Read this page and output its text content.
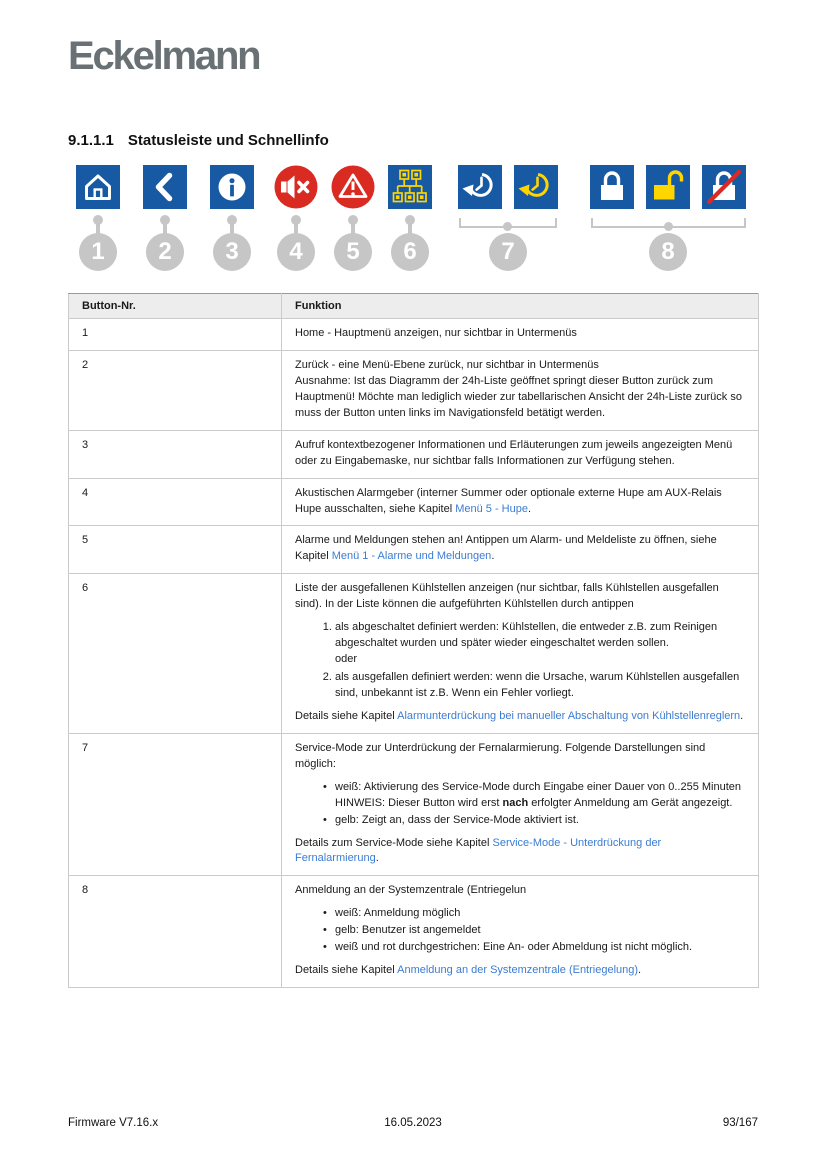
Eckelmann
9.1.1.1 Statusleiste und Schnellinfo
1	2	3	4	5	6	7	8
Button-Nr.	Funktion
1	Home - Hauptmenü anzeigen, nur sichtbar in Untermenüs

2	Zurück - eine Menü-Ebene zurück, nur sichtbar in Untermenüs
Ausnahme: Ist das Diagramm der 24h-Liste geöffnet springt dieser Button zurück zum Hauptmenü! Möchte man lediglich wieder zur tabellarischen Ansicht der 24h-Liste zurück so muss der Button unten links im Navigationsfeld betätigt werden.

3	Aufruf kontextbezogener Informationen und Erläuterungen zum jeweils angezeigten Menü oder zu Eingabemaske, nur sichtbar falls Informationen zur Verfügung stehen.

4	Akustischen Alarmgeber (interner Summer oder optionale externe Hupe am AUX-Relais Hupe ausschalten, siehe Kapitel Menü 5 - Hupe.

5	Alarme und Meldungen stehen an! Antippen um Alarm- und Meldeliste zu öffnen, siehe Kapitel Menü 1 - Alarme und Meldungen.

6	Liste der ausgefallenen Kühlstellen anzeigen (nur sichtbar, falls Kühlstellen ausgefallen sind). In der Liste können die aufgeführten Kühlstellen durch antippen

1. als abgeschaltet definiert werden: Kühlstellen, die entweder z.B. zum Reinigen abgeschaltet wurden und später wieder eingeschaltet werden sollen.
oder
2. als ausgefallen definiert werden: wenn die Ursache, warum Kühlstellen ausgefallen sind, unbekannt ist z.B. Wenn ein Fehler vorliegt.

Details siehe Kapitel Alarmunterdrückung bei manueller Abschaltung von Kühlstellenreglern.

7	Service-Mode zur Unterdrückung der Fernalarmierung. Folgende Darstellungen sind möglich:

• weiß: Aktivierung des Service-Mode durch Eingabe einer Dauer von 0..255 Minuten
HINWEIS: Dieser Button wird erst nach erfolgter Anmeldung am Gerät angezeigt.
• gelb: Zeigt an, dass der Service-Mode aktiviert ist.

Details zum Service-Mode siehe Kapitel Service-Mode - Unterdrückung der Fernalarmierung.

8	Anmeldung an der Systemzentrale (Entriegelun

• weiß: Anmeldung möglich
• gelb: Benutzer ist angemeldet
• weiß und rot durchgestrichen: Eine An- oder Abmeldung ist nicht möglich.

Details siehe Kapitel Anmeldung an der Systemzentrale (Entriegelung).

Firmware V7.16.x	16.05.2023	93/167
